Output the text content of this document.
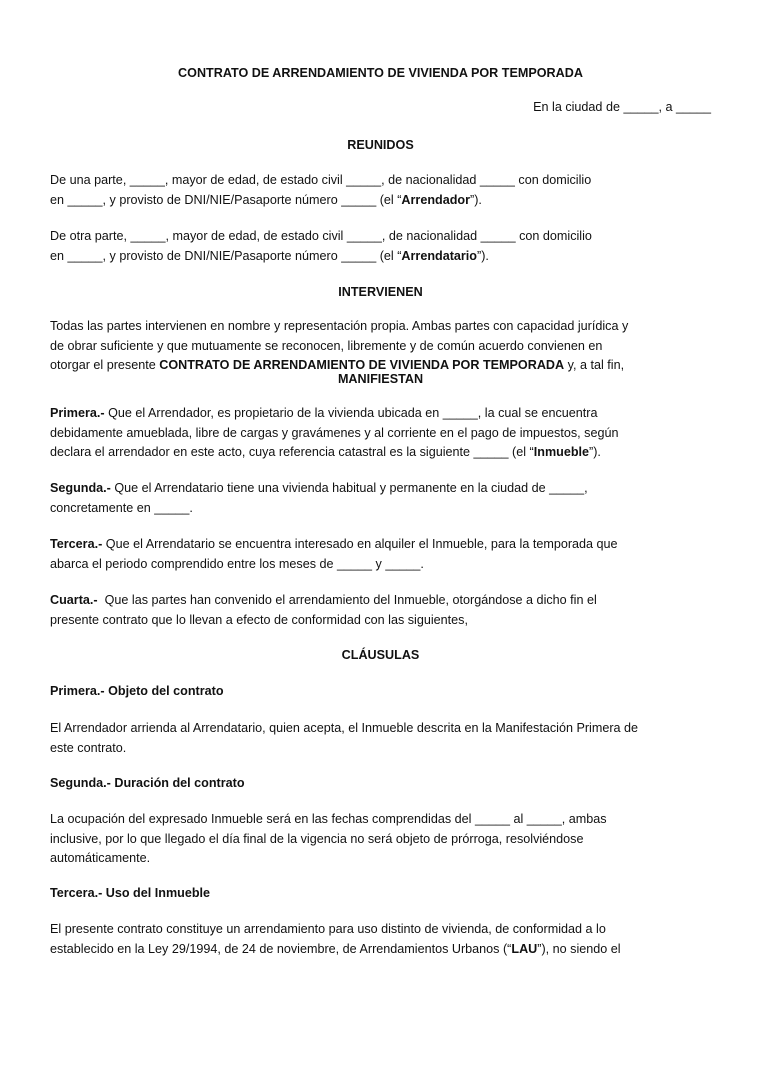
CONTRATO DE ARRENDAMIENTO DE VIVIENDA POR TEMPORADA

En la ciudad de _____, a _____

REUNIDOS

De una parte, _____, mayor de edad, de estado civil _____, de nacionalidad _____ con domicilio
en _____, y provisto de DNI/NIE/Pasaporte número _____ (el “Arrendador”).

De otra parte, _____, mayor de edad, de estado civil _____, de nacionalidad _____ con domicilio
en _____, y provisto de DNI/NIE/Pasaporte número _____ (el “Arrendatario”).

INTERVIENEN

Todas las partes intervienen en nombre y representación propia. Ambas partes con capacidad jurídica y
de obrar suficiente y que mutuamente se reconocen, libremente y de común acuerdo convienen en
otorgar el presente CONTRATO DE ARRENDAMIENTO DE VIVIENDA POR TEMPORADA y, a tal fin,

MANIFIESTAN

Primera.- Que el Arrendador, es propietario de la vivienda ubicada en _____, la cual se encuentra
debidamente amueblada, libre de cargas y gravámenes y al corriente en el pago de impuestos, según
declara el arrendador en este acto, cuya referencia catastral es la siguiente _____ (el “Inmueble”).

Segunda.- Que el Arrendatario tiene una vivienda habitual y permanente en la ciudad de _____,
concretamente en _____.

Tercera.- Que el Arrendatario se encuentra interesado en alquiler el Inmueble, para la temporada que
abarca el periodo comprendido entre los meses de _____ y _____.

Cuarta.-  Que las partes han convenido el arrendamiento del Inmueble, otorgándose a dicho fin el
presente contrato que lo llevan a efecto de conformidad con las siguientes,

CLÁUSULAS

Primera.- Objeto del contrato

El Arrendador arrienda al Arrendatario, quien acepta, el Inmueble descrita en la Manifestación Primera de
este contrato.

Segunda.- Duración del contrato

La ocupación del expresado Inmueble será en las fechas comprendidas del _____ al _____, ambas
inclusive, por lo que llegado el día final de la vigencia no será objeto de prórroga, resolviéndose
automáticamente.

Tercera.- Uso del Inmueble

El presente contrato constituye un arrendamiento para uso distinto de vivienda, de conformidad a lo
establecido en la Ley 29/1994, de 24 de noviembre, de Arrendamientos Urbanos (“LAU”), no siendo el
